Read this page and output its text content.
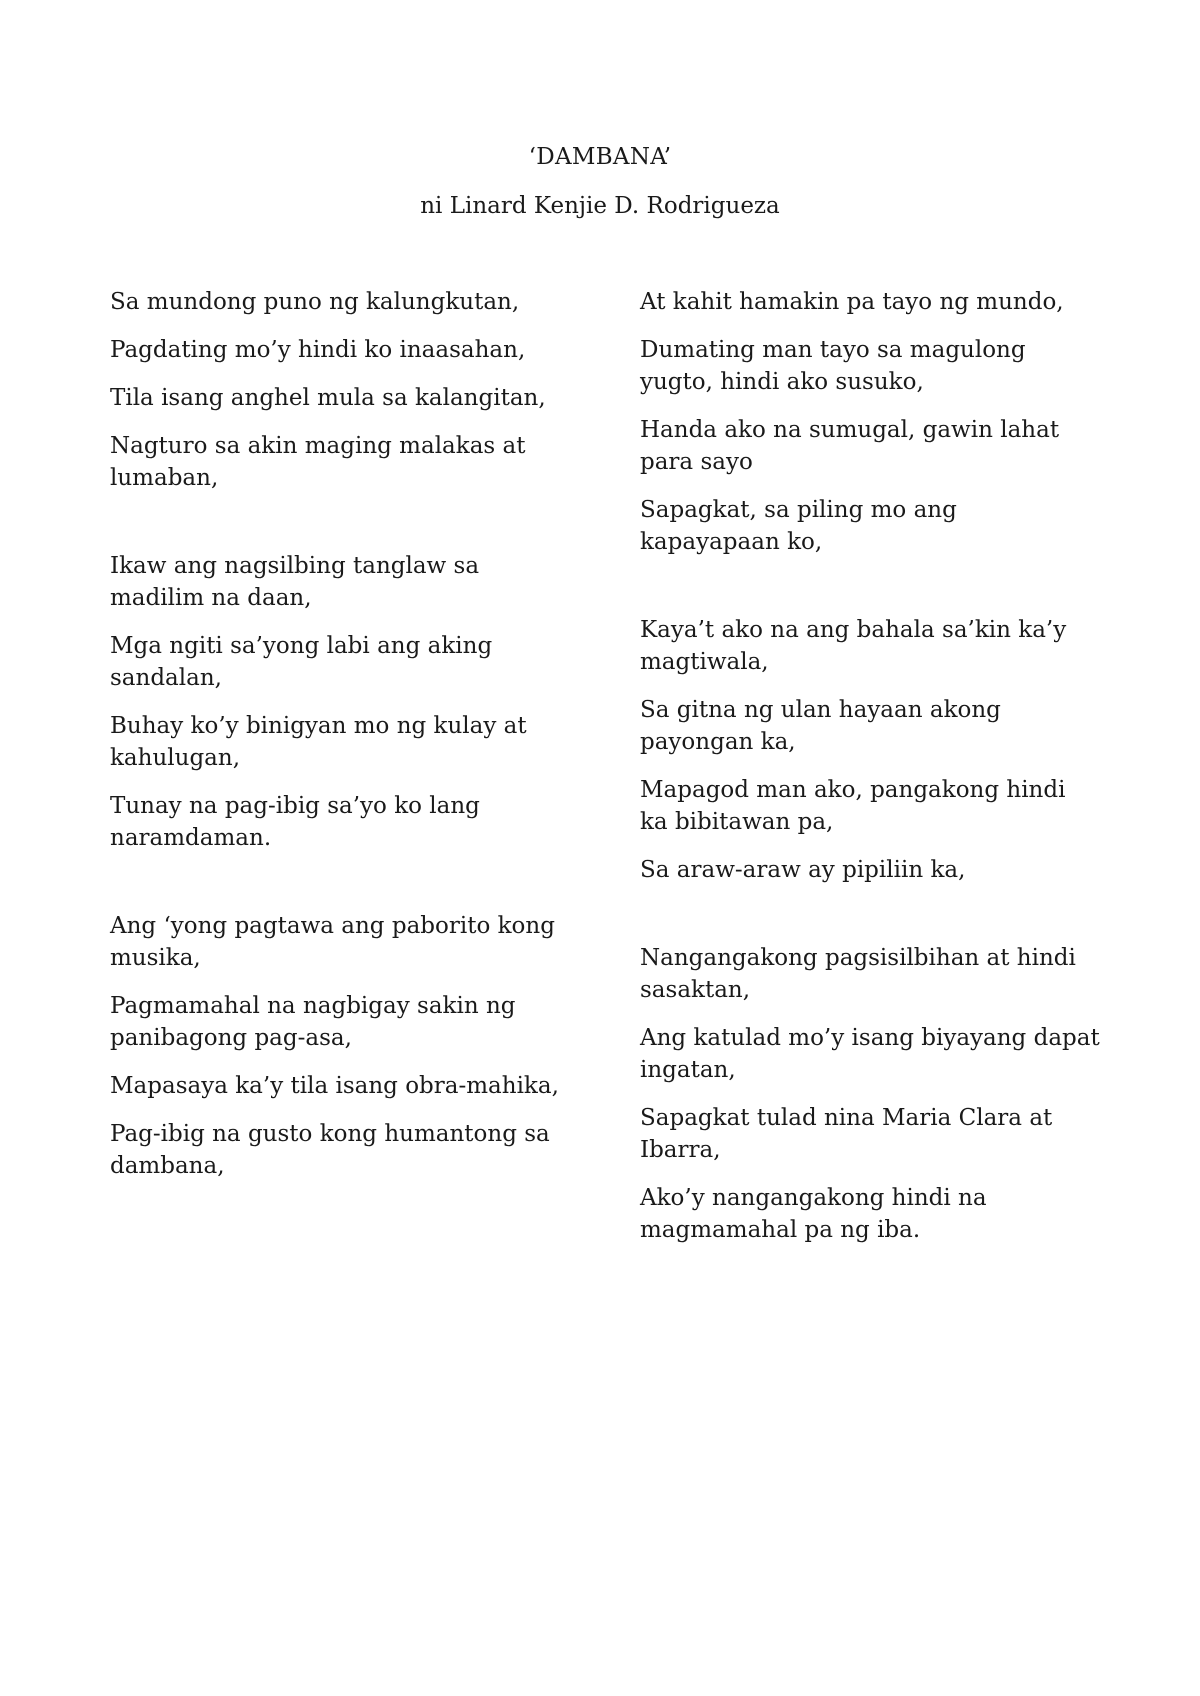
‘DAMBANA’
ni Linard Kenjie D. Rodrigueza

Sa mundong puno ng kalungkutan,

Pagdating mo’y hindi ko inaasahan,

Tila isang anghel mula sa kalangitan,

Nagturo sa akin maging malakas at lumaban,

Ikaw ang nagsilbing tanglaw sa madilim na daan,

Mga ngiti sa’yong labi ang aking sandalan,

Buhay ko’y binigyan mo ng kulay at kahulugan,

Tunay na pag-ibig sa’yo ko lang naramdaman.

Ang ‘yong pagtawa ang paborito kong musika,

Pagmamahal na nagbigay sakin ng panibagong pag-asa,

Mapasaya ka’y tila isang obra-mahika,

Pag-ibig na gusto kong humantong sa dambana,

At kahit hamakin pa tayo ng mundo,

Dumating man tayo sa magulong yugto, hindi ako susuko,

Handa ako na sumugal, gawin lahat para sayo

Sapagkat, sa piling mo ang kapayapaan ko,

Kaya’t ako na ang bahala sa’kin ka’y magtiwala,

Sa gitna ng ulan hayaan akong payongan ka,

Mapagod man ako, pangakong hindi ka bibitawan pa,

Sa araw-araw ay pipiliin ka,

Nangangakong pagsisilbihan at hindi sasaktan,

Ang katulad mo’y isang biyayang dapat ingatan,

Sapagkat tulad nina Maria Clara at Ibarra,

Ako’y nangangakong hindi na magmamahal pa ng iba.
